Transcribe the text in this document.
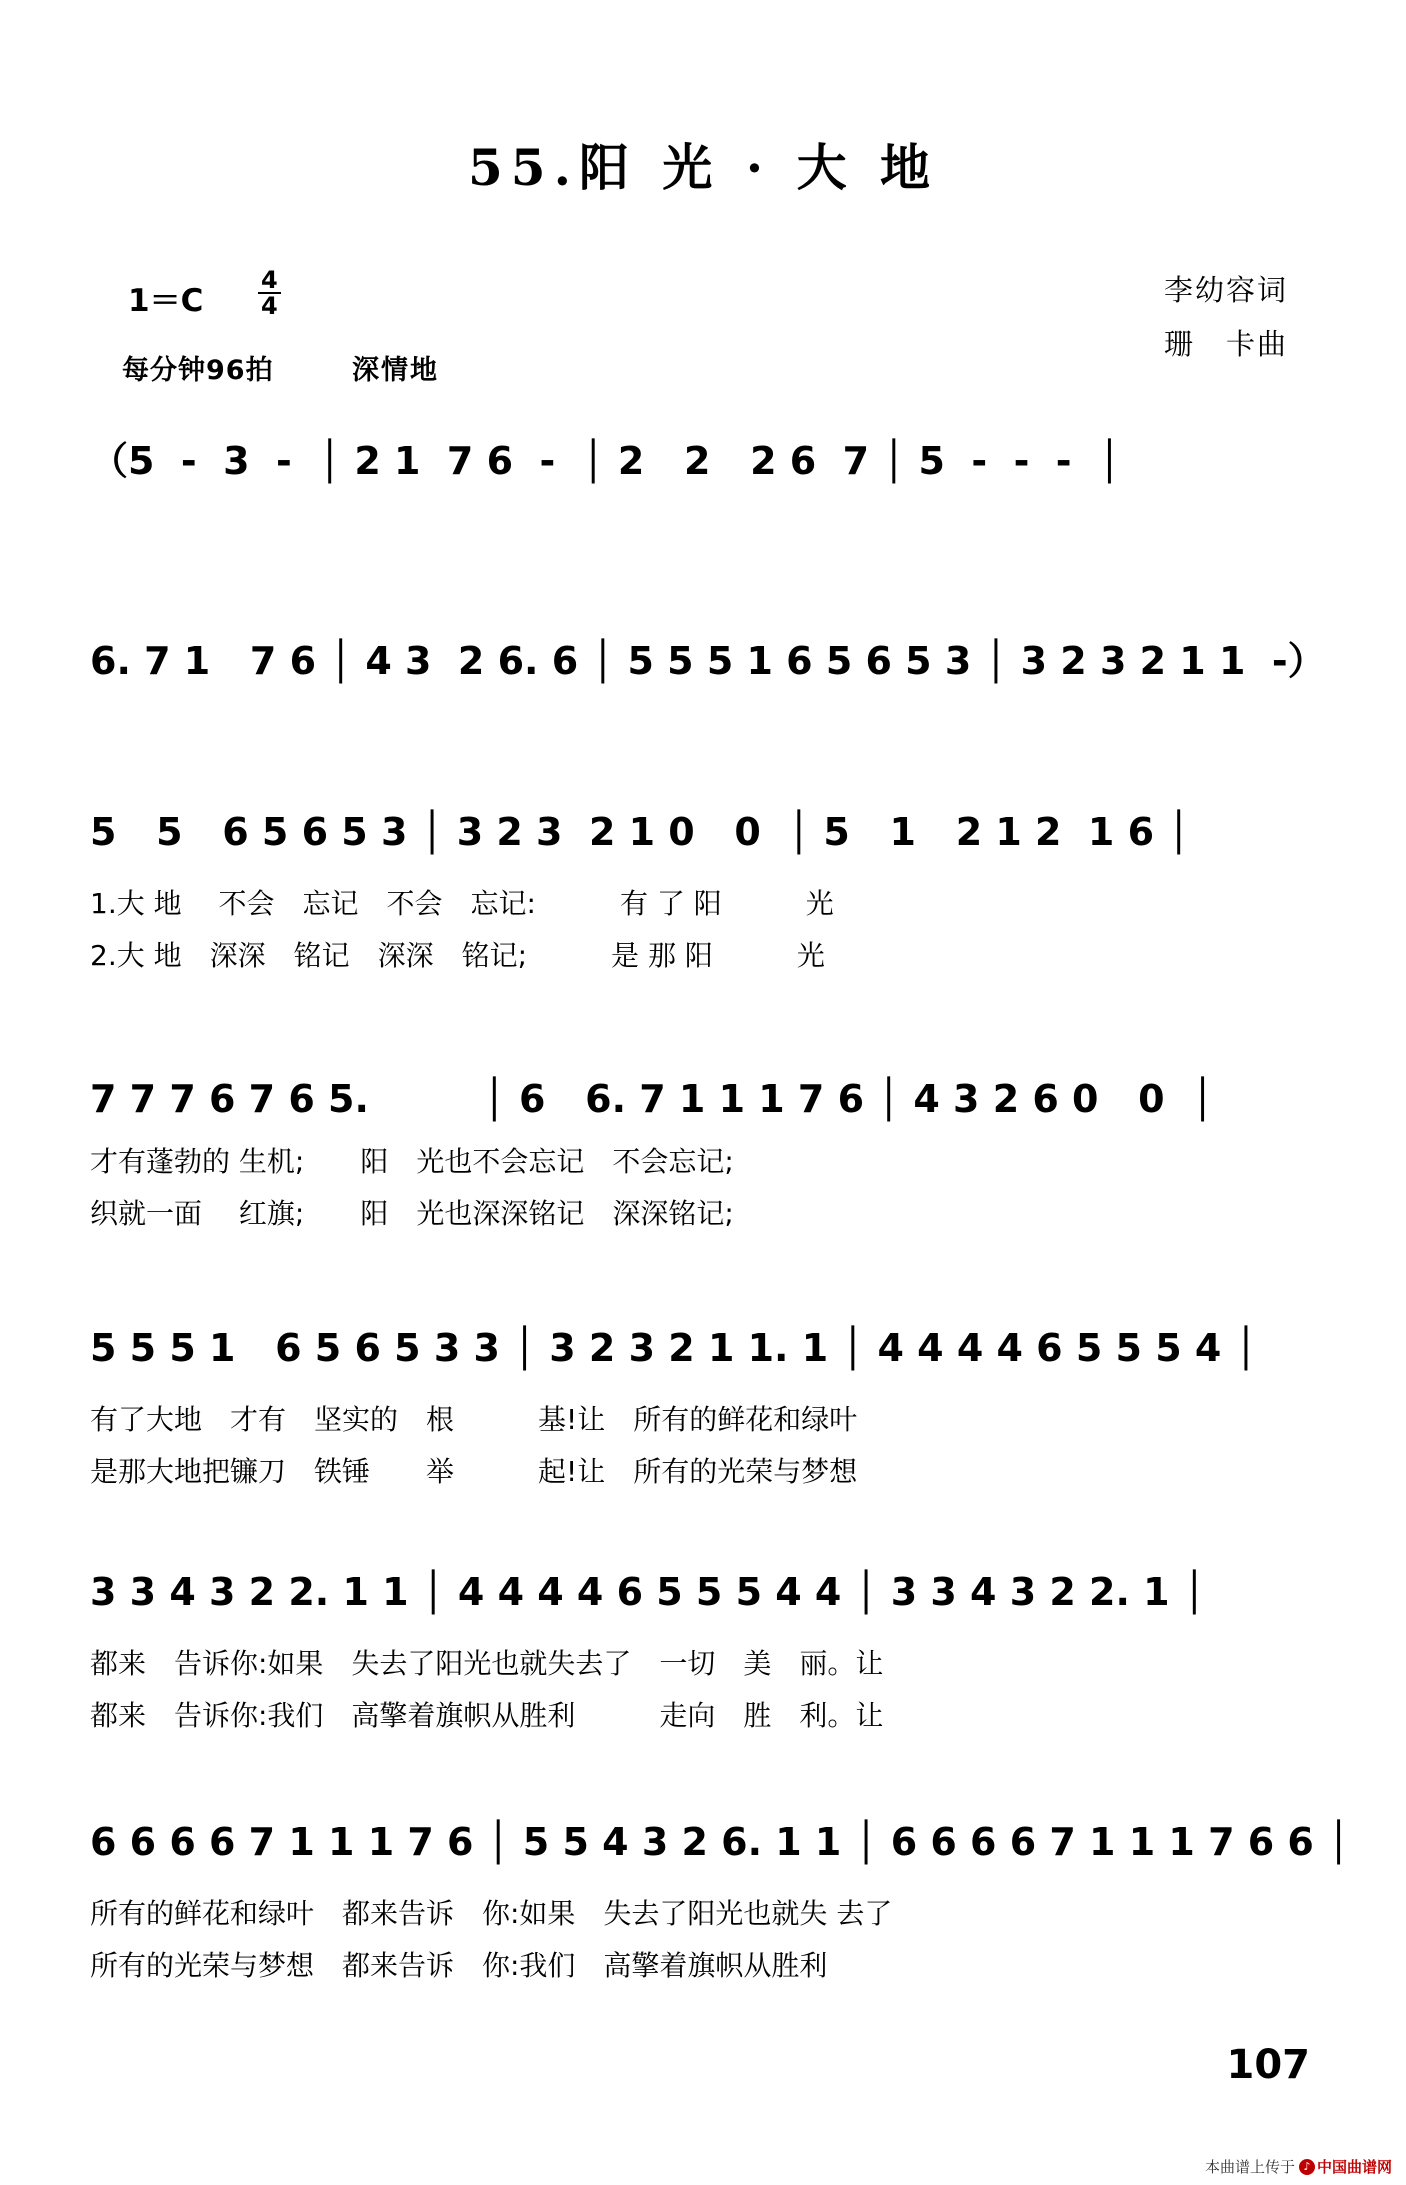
55.阳 光 · 大 地
$1=C \frac{4}{4}$
每分钟96拍	深情地
李幼容词
珊　卡曲
（5  -  3  -  │ 2 1  7 6  -  │ 2   2   2 6  7 │ 5  -  -  -  │
6. 7 1   7 6 │ 4 3  2 6. 6 │ 5 5 5 1 6 5 6 5 3 │ 3 2 3 2 1 1  -）
5   5   6 5 6 5 3 │ 3 2 3  2 1 0   0  │ 5   1   2 1 2  1 6 │
1.大 地　 不会　忘记　不会　忘记:　　　有 了 阳　　　光
2.大 地　深深　铭记　深深　铭记;　　　是 那 阳　　　光
7 7 7 6 7 6 5.　　　│ 6   6. 7 1 1 1 7 6 │ 4 3 2 6 0   0  │
才有蓬勃的 生机;　　阳　光也不会忘记　不会忘记;
织就一面　 红旗;　　阳　光也深深铭记　深深铭记;
5 5 5 1   6 5 6 5 3 3 │ 3 2 3 2 1 1. 1 │ 4 4 4 4 6 5 5 5 4 │
有了大地　才有　坚实的　根　　　基!让　所有的鲜花和绿叶
是那大地把镰刀　铁锤　　举　　　起!让　所有的光荣与梦想
3 3 4 3 2 2. 1 1 │ 4 4 4 4 6 5 5 5 4 4 │ 3 3 4 3 2 2. 1 │
都来　告诉你:如果　失去了阳光也就失去了　一切　美　丽。让
都来　告诉你:我们　高擎着旗帜从胜利　　　走向　胜　利。让
6 6 6 6 7 1 1 1 7 6 │ 5 5 4 3 2 6. 1 1 │ 6 6 6 6 7 1 1 1 7 6 6 │
所有的鲜花和绿叶　都来告诉　你:如果　失去了阳光也就失 去了
所有的光荣与梦想　都来告诉　你:我们　高擎着旗帜从胜利
107
本曲谱上传于 ♪ 中国曲谱网
